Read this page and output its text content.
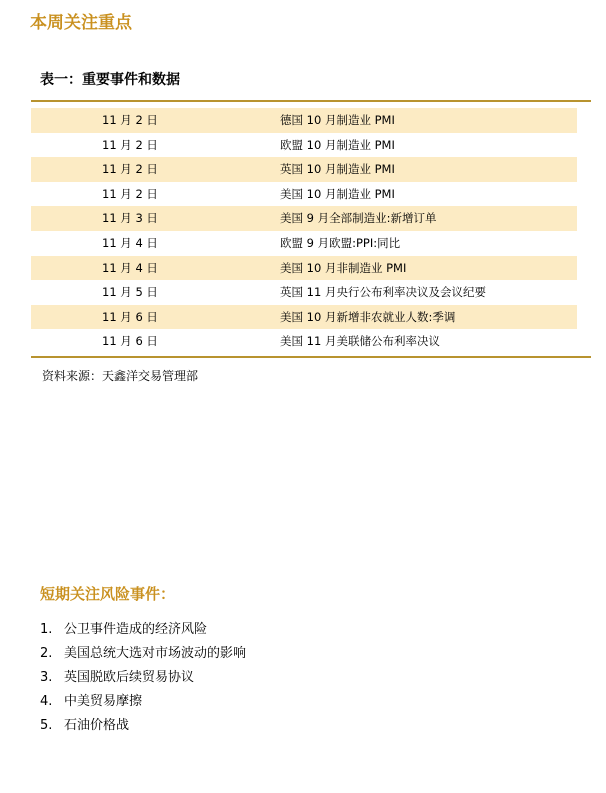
本周关注重点
表一：重要事件和数据
11 月 2 日	德国 10 月制造业 PMI
11 月 2 日	欧盟 10 月制造业 PMI
11 月 2 日	英国 10 月制造业 PMI
11 月 2 日	美国 10 月制造业 PMI
11 月 3 日	美国 9 月全部制造业:新增订单
11 月 4 日	欧盟 9 月欧盟:PPI:同比
11 月 4 日	美国 10 月非制造业 PMI
11 月 5 日	英国 11 月央行公布利率决议及会议纪要
11 月 6 日	美国 10 月新增非农就业人数:季调
11 月 6 日	美国 11 月美联储公布利率决议
资料来源：天鑫洋交易管理部
短期关注风险事件：
1. 公卫事件造成的经济风险
2. 美国总统大选对市场波动的影响
3. 英国脱欧后续贸易协议
4. 中美贸易摩擦
5. 石油价格战
